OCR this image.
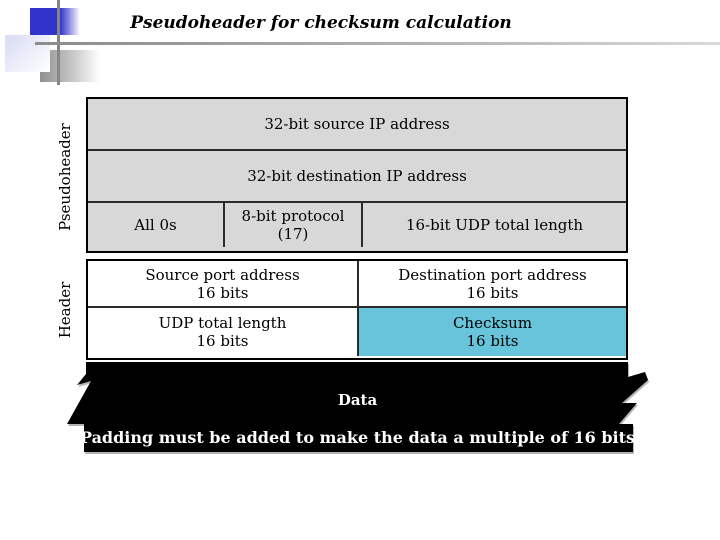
Pseudoheader for checksum calculation
Pseudoheader
Header
32-bit source IP address
32-bit destination IP address
All 0s	8-bit protocol
(17)	16-bit UDP total length
Source port address
16 bits
Destination port address
16 bits
UDP total length
16 bits
Checksum
16 bits
Data
(Padding must be added to make the data a multiple of 16 bits)
